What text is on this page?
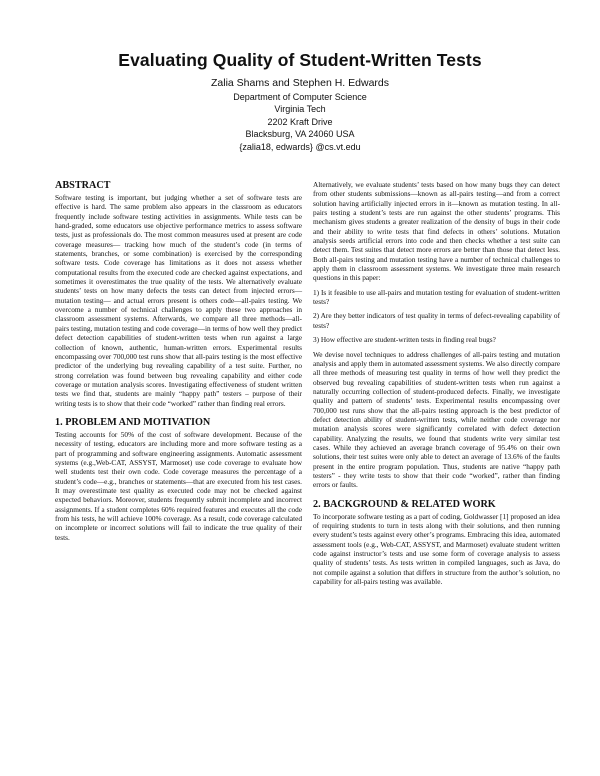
Evaluating Quality of Student-Written Tests
Zalia Shams and Stephen H. Edwards
Department of Computer Science
Virginia Tech
2202 Kraft Drive
Blacksburg, VA 24060 USA
{zalia18, edwards} @cs.vt.edu
ABSTRACT

Software testing is important, but judging whether a set of software tests are effective is hard. The same problem also appears in the classroom as educators frequently include software testing activities in assignments. While tests can be hand-graded, some educators use objective performance metrics to assess software tests, just as professionals do. The most common measures used at present are code coverage measures— tracking how much of the student’s code (in terms of statements, branches, or some combination) is exercised by the corresponding software tests. Code coverage has limitations as it does not assess whether computational results from the executed code are checked against expectations, and sometimes it overestimates the true quality of the tests. We alternatively evaluate students’ tests on how many defects the tests can detect from injected errors—mutation testing— and actual errors present is others code—all-pairs testing. We overcome a number of technical challenges to apply these two approaches in classroom assessment systems. Afterwards, we compare all three methods—all-pairs testing, mutation testing and code coverage—in terms of how well they predict defect detection capabilities of student-written tests when run against a large collection of known, authentic, human-written errors. Experimental results encompassing over 700,000 test runs show that all-pairs testing is the most effective predictor of the underlying bug revealing capability of a test suite. Further, no strong correlation was found between bug revealing capability and either code coverage or mutation analysis scores. Investigating effectiveness of student written tests we find that, students are mainly “happy path” testers – purpose of their writing tests is to show that their code “worked” rather than finding real errors.

1. PROBLEM AND MOTIVATION

Testing accounts for 50% of the cost of software development. Because of the necessity of testing, educators are including more and more software testing as a part of programming and software engineering assignments. Automatic assessment systems (e.g.,Web-CAT, ASSYST, Marmoset) use code coverage to evaluate how well students test their own code. Code coverage measures the percentage of a student’s code—e.g., branches or statements—that are executed from his test cases. It may overestimate test quality as executed code may not be checked against expected behaviors. Moreover, students frequently submit incomplete and incorrect assignments. If a student completes 60% required features and executes all the code from his tests, he will achieve 100% coverage. As a result, code coverage calculated on incomplete or incorrect solutions will fail to indicate the true quality of their tests.

Alternatively, we evaluate students’ tests based on how many bugs they can detect from other students submissions—known as all-pairs testing—and from a correct solution having artificially injected errors in it—known as mutation testing. In all-pairs testing a student’s tests are run against the other students’ programs. This mechanism gives students a greater realization of the density of bugs in their code and their ability to write tests that find defects in others’ solutions. Mutation analysis seeds artificial errors into code and then checks whether a test suite can detect them. Test suites that detect more errors are better than those that detect less. Both all-pairs testing and mutation testing have a number of technical challenges to apply them in classroom assessment systems. We investigate three main research questions in this paper:

1) Is it feasible to use all-pairs and mutation testing for evaluation of student-written tests?

2) Are they better indicators of test quality in terms of defect-revealing capability of tests?

3) How effective are student-written tests in finding real bugs?

We devise novel techniques to address challenges of all-pairs testing and mutation analysis and apply them in automated assessment systems. We also directly compare all three methods of measuring test quality in terms of how well they predict the observed bug revealing capabilities of student-written tests when run against a naturally occurring collection of student-produced defects. Finally, we investigate quality and pattern of students’ tests. Experimental results encompassing over 700,000 test runs show that the all-pairs testing approach is the best predictor of defect detection ability of student-written tests, while neither code coverage nor mutation analysis scores were significantly correlated with defect detection capability. Analyzing the results, we found that students write very similar test cases. While they achieved an average branch coverage of 95.4% on their own solutions, their test suites were only able to detect an average of 13.6% of the faults present in the entire program population. Thus, students are native “happy path testers” - they write tests to show that their code “worked”, rather than finding errors or faults.

2. BACKGROUND & RELATED WORK

To incorporate software testing as a part of coding, Goldwasser [1] proposed an idea of requiring students to turn in tests along with their solutions, and then running every student’s tests against every other’s programs. Embracing this idea, automated assessment tools (e.g., Web-CAT, ASSYST, and Marmoset) evaluate student written code against instructor’s tests and use some form of coverage analysis to assess quality of students’ tests. As tests written in compiled languages, such as Java, do not compile against a solution that differs in structure from the author’s solution, no capability for all-pairs testing was available.
